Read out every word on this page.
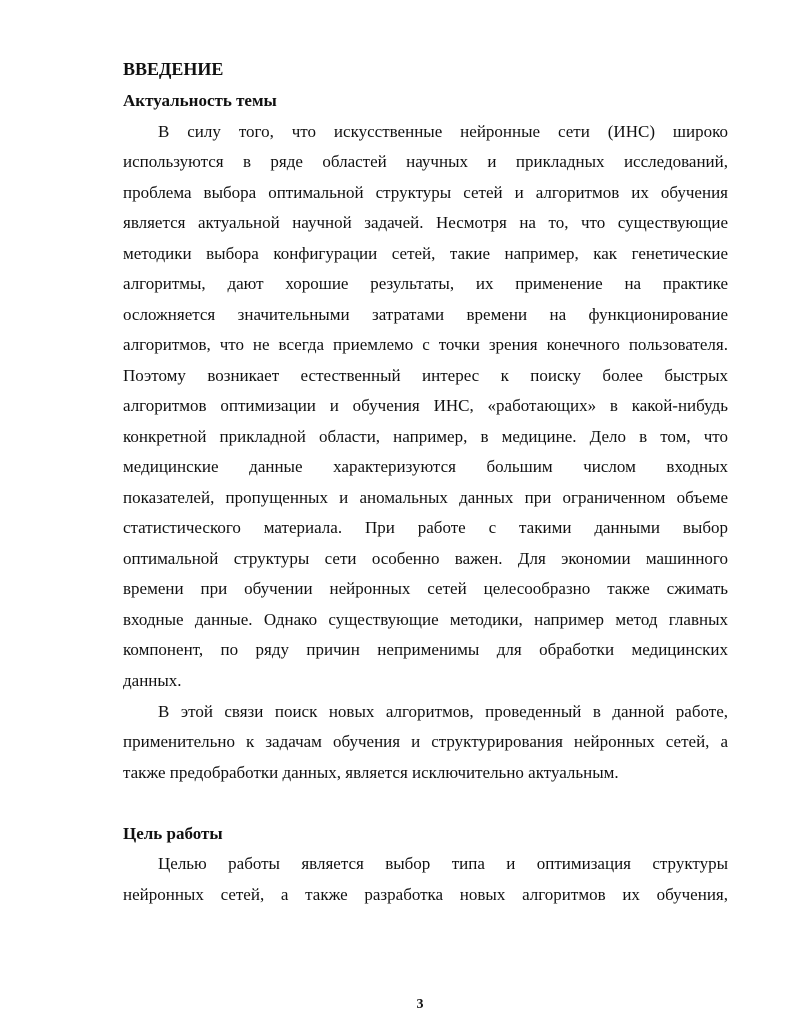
ВВЕДЕНИЕ
Актуальность темы

В силу того, что искусственные нейронные сети (ИНС) широко

используются в ряде областей научных и прикладных исследований,

проблема выбора оптимальной структуры сетей и алгоритмов их обучения

является актуальной научной задачей. Несмотря на то, что существующие

методики выбора конфигурации сетей, такие например, как генетические

алгоритмы, дают хорошие результаты, их применение на практике

осложняется значительными затратами времени на функционирование

алгоритмов, что не всегда приемлемо с точки зрения конечного пользователя.

Поэтому возникает естественный интерес к поиску более быстрых

алгоритмов оптимизации и обучения ИНС, «работающих» в какой-нибудь

конкретной прикладной области, например, в медицине. Дело в том, что

медицинские данные характеризуются большим числом входных

показателей, пропущенных и аномальных данных при ограниченном объеме

статистического материала. При работе с такими данными выбор

оптимальной структуры сети особенно важен. Для экономии машинного

времени при обучении нейронных сетей целесообразно также сжимать

входные данные. Однако существующие методики, например метод главных

компонент, по ряду причин неприменимы для обработки медицинских

данных.

В этой связи поиск новых алгоритмов, проведенный в данной работе,

применительно к задачам обучения и структурирования нейронных сетей, а

также предобработки данных, является исключительно актуальным.

Цель работы

Целью работы является выбор типа и оптимизация структуры

нейронных сетей, а также разработка новых алгоритмов их обучения,

3
